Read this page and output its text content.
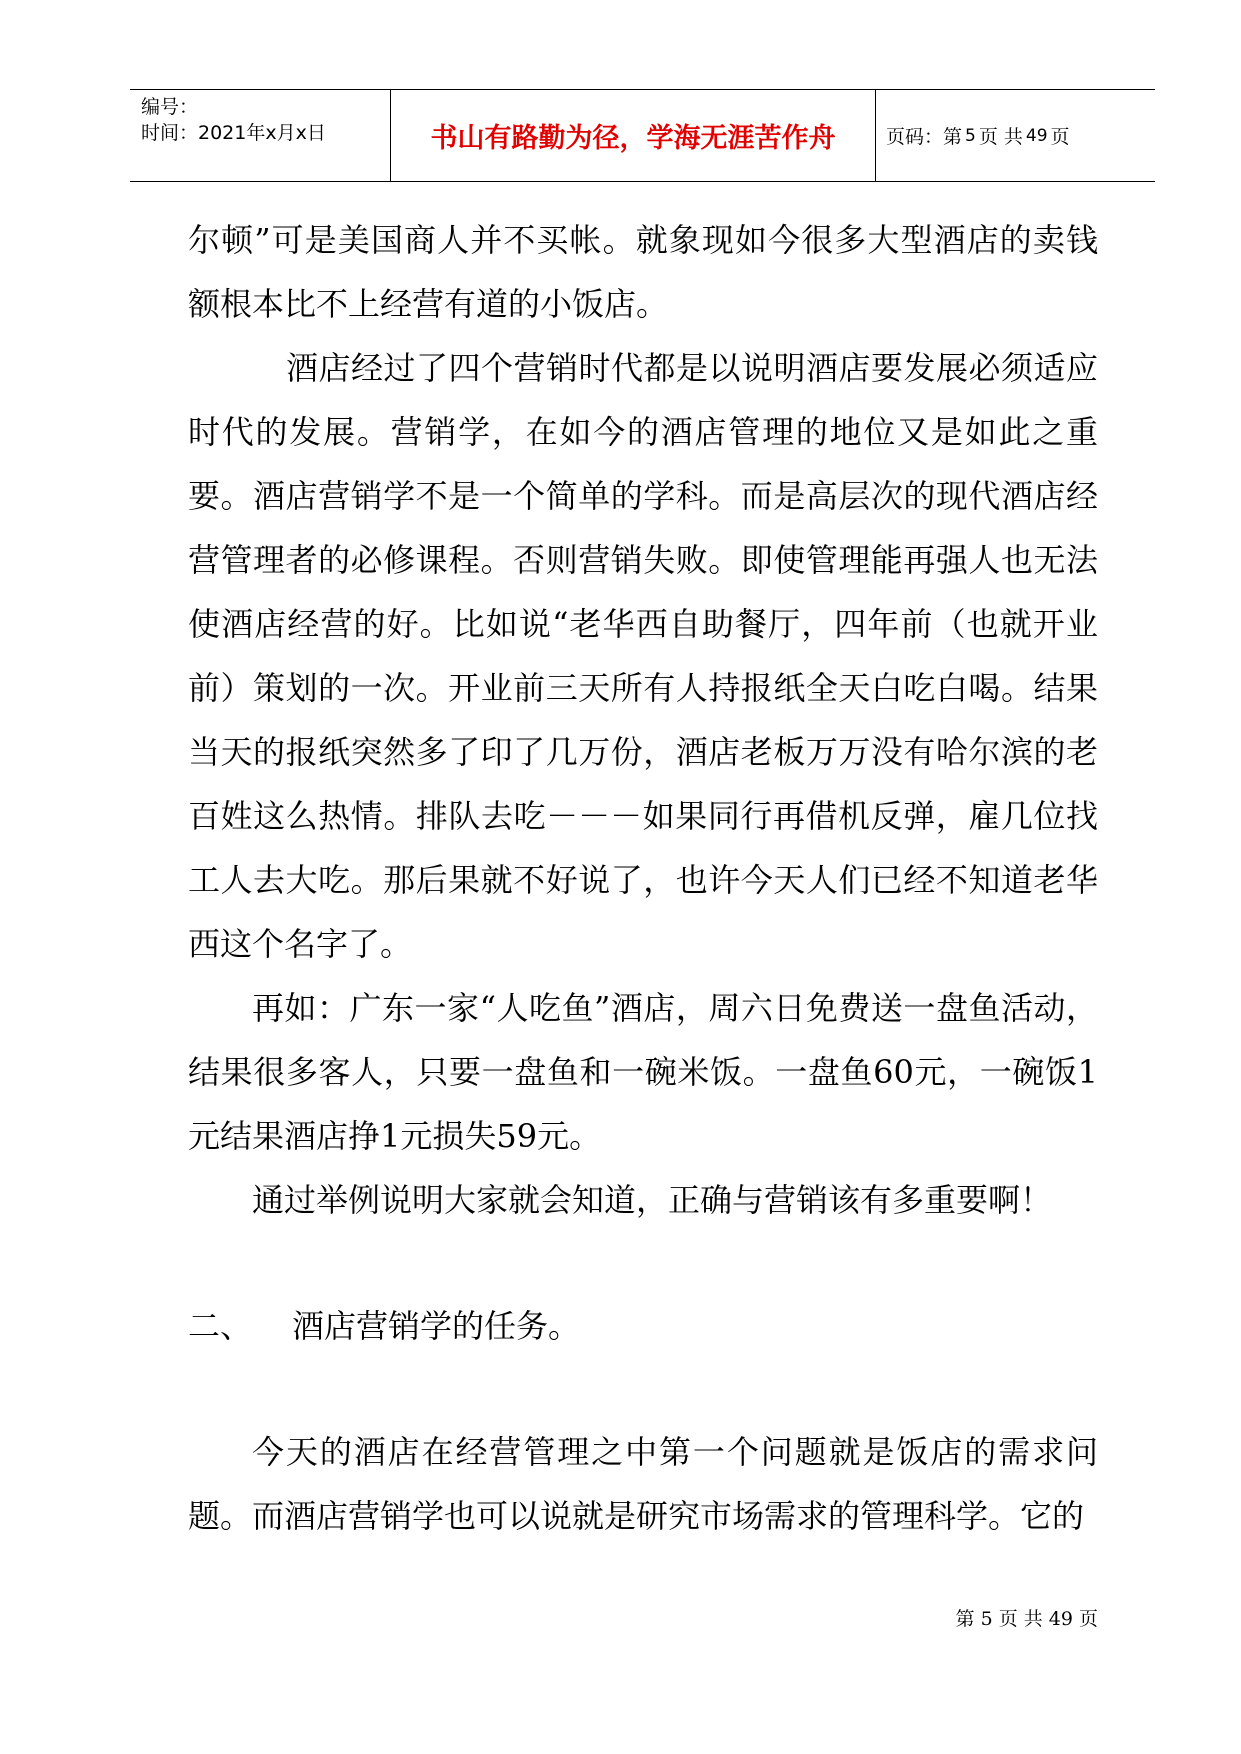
编号：
时间：2021年x月x日	书山有路勤为径，学海无涯苦作舟	页码：第 5 页 共 49 页

尔顿”可是美国商人并不买帐。就象现如今很多大型酒店的卖钱额根本比不上经营有道的小饭店。

酒店经过了四个营销时代都是以说明酒店要发展必须适应时代的发展。营销学，在如今的酒店管理的地位又是如此之重要。酒店营销学不是一个简单的学科。而是高层次的现代酒店经营管理者的必修课程。否则营销失败。即使管理能再强人也无法使酒店经营的好。比如说“老华西自助餐厅，四年前（也就开业前）策划的一次。开业前三天所有人持报纸全天白吃白喝。结果当天的报纸突然多了印了几万份，酒店老板万万没有哈尔滨的老百姓这么热情。排队去吃－－－如果同行再借机反弹，雇几位找工人去大吃。那后果就不好说了，也许今天人们已经不知道老华西这个名字了。

再如：广东一家“人吃鱼”酒店，周六日免费送一盘鱼活动，结果很多客人，只要一盘鱼和一碗米饭。一盘鱼60元，一碗饭1元结果酒店挣1元损失59元。

通过举例说明大家就会知道，正确与营销该有多重要啊！

二、 酒店营销学的任务。

今天的酒店在经营管理之中第一个问题就是饭店的需求问题。而酒店营销学也可以说就是研究市场需求的管理科学。它的

第 5 页 共 49 页
